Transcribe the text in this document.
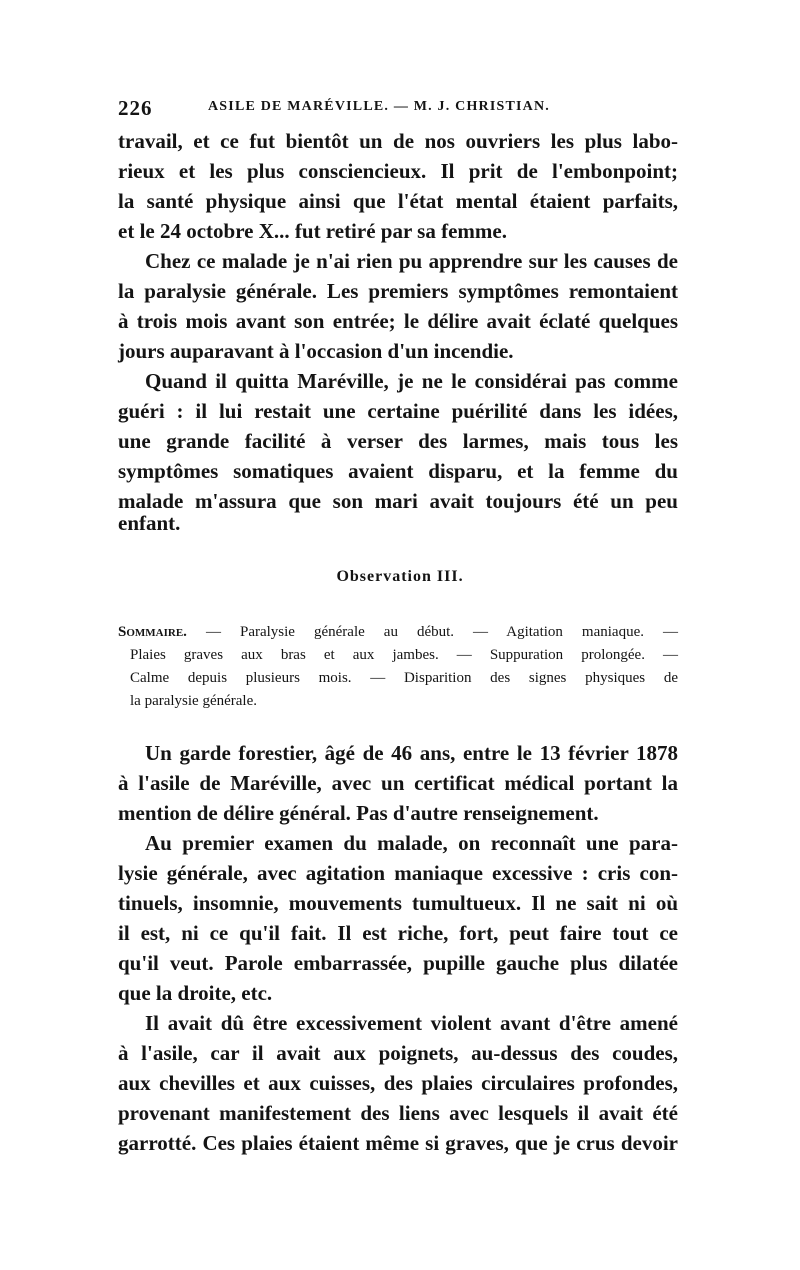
226	ASILE DE MARÉVILLE. — M. J. CHRISTIAN.
travail, et ce fut bientôt un de nos ouvriers les plus labo-
rieux et les plus consciencieux. Il prit de l'embonpoint;
la santé physique ainsi que l'état mental étaient parfaits,
et le 24 octobre X... fut retiré par sa femme.
Chez ce malade je n'ai rien pu apprendre sur les causes de
la paralysie générale. Les premiers symptômes remontaient
à trois mois avant son entrée; le délire avait éclaté quelques
jours auparavant à l'occasion d'un incendie.
Quand il quitta Maréville, je ne le considérai pas comme
guéri : il lui restait une certaine puérilité dans les idées,
une grande facilité à verser des larmes, mais tous les
symptômes somatiques avaient disparu, et la femme du
malade m'assura que son mari avait toujours été un peu
enfant.
Observation III.
Sommaire. — Paralysie générale au début. — Agitation maniaque. —
Plaies graves aux bras et aux jambes. — Suppuration prolongée. —
Calme depuis plusieurs mois. — Disparition des signes physiques de
la paralysie générale.
Un garde forestier, âgé de 46 ans, entre le 13 février 1878
à l'asile de Maréville, avec un certificat médical portant la
mention de délire général. Pas d'autre renseignement.
Au premier examen du malade, on reconnaît une para-
lysie générale, avec agitation maniaque excessive : cris con-
tinuels, insomnie, mouvements tumultueux. Il ne sait ni où
il est, ni ce qu'il fait. Il est riche, fort, peut faire tout ce
qu'il veut. Parole embarrassée, pupille gauche plus dilatée
que la droite, etc.
Il avait dû être excessivement violent avant d'être amené
à l'asile, car il avait aux poignets, au-dessus des coudes,
aux chevilles et aux cuisses, des plaies circulaires profondes,
provenant manifestement des liens avec lesquels il avait été
garrotté. Ces plaies étaient même si graves, que je crus devoir
